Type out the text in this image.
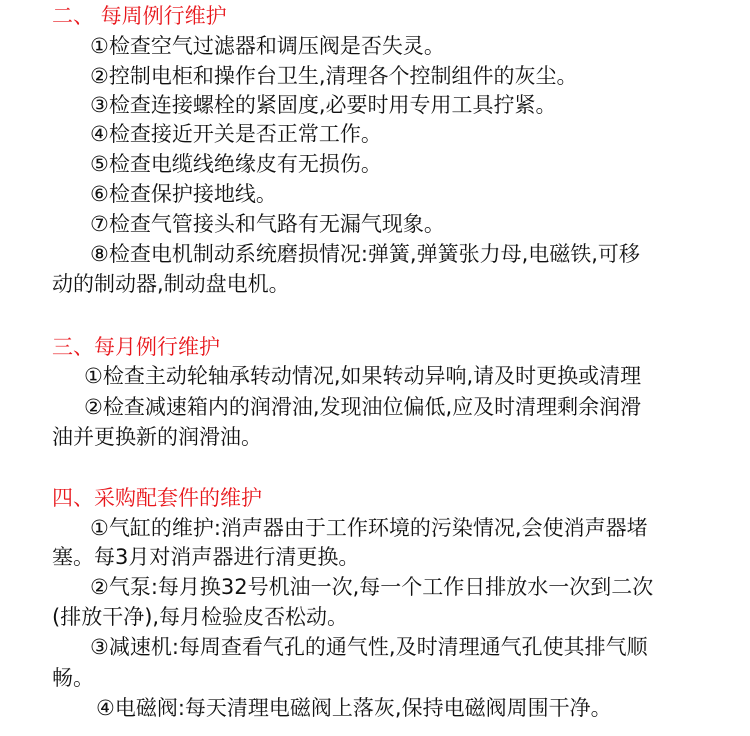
二、 每周例行维护
①检查空气过滤器和调压阀是否失灵。
②控制电柜和操作台卫生,清理各个控制组件的灰尘。
③检查连接螺栓的紧固度,必要时用专用工具拧紧。
④检查接近开关是否正常工作。
⑤检查电缆线绝缘皮有无损伤。
⑥检查保护接地线。
⑦检查气管接头和气路有无漏气现象。
⑧检查电机制动系统磨损情况:弹簧,弹簧张力母,电磁铁,可移
动的制动器,制动盘电机。
三、每月例行维护
①检查主动轮轴承转动情况,如果转动异响,请及时更换或清理
②检查减速箱内的润滑油,发现油位偏低,应及时清理剩余润滑
油并更换新的润滑油。
四、采购配套件的维护
①气缸的维护:消声器由于工作环境的污染情况,会使消声器堵
塞。每3月对消声器进行清更换。
②气泵:每月换32号机油一次,每一个工作日排放水一次到二次
(排放干净),每月检验皮否松动。
③减速机:每周查看气孔的通气性,及时清理通气孔使其排气顺
畅。
④电磁阀:每天清理电磁阀上落灰,保持电磁阀周围干净。
